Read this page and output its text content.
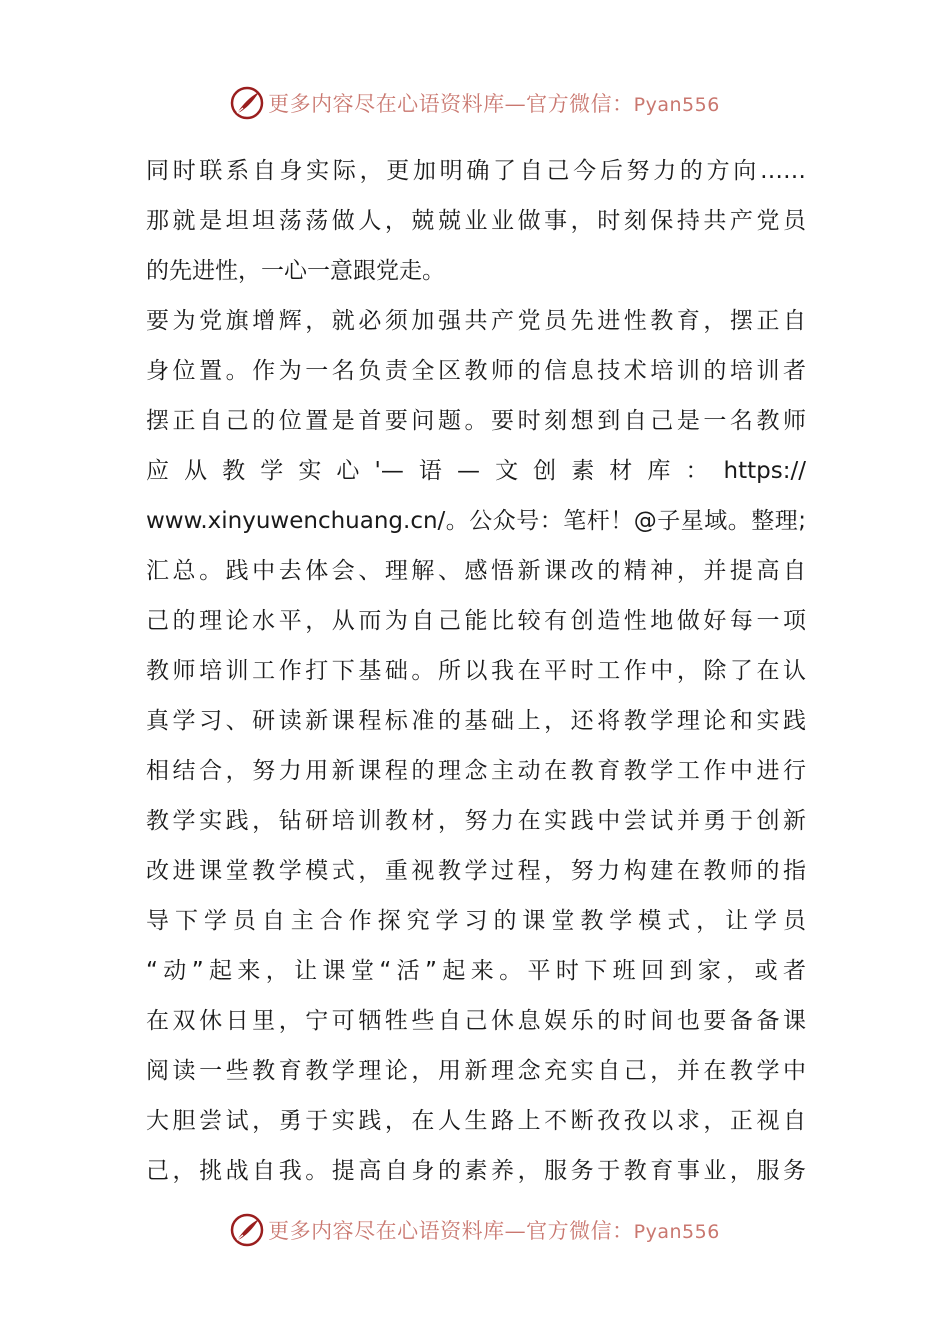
更多内容尽在心语资料库—官方微信：Pyan556
同时联系自身实际，更加明确了自己今后努力的方向……
那就是坦坦荡荡做人，兢兢业业做事，时刻保持共产党员
的先进性，一心一意跟党走。
要为党旗增辉，就必须加强共产党员先进性教育，摆正自
身位置。作为一名负责全区教师的信息技术培训的培训者
摆正自己的位置是首要问题。要时刻想到自己是一名教师
应从教学实心'—语—文创素材库：https://
www.xinyuwenchuang.cn/。公众号：笔杆！@子星域。整理;
汇总。践中去体会、理解、感悟新课改的精神，并提高自
己的理论水平，从而为自己能比较有创造性地做好每一项
教师培训工作打下基础。所以我在平时工作中，除了在认
真学习、研读新课程标准的基础上，还将教学理论和实践
相结合，努力用新课程的理念主动在教育教学工作中进行
教学实践，钻研培训教材，努力在实践中尝试并勇于创新
改进课堂教学模式，重视教学过程，努力构建在教师的指
导下学员自主合作探究学习的课堂教学模式，让学员
“动”起来，让课堂“活”起来。平时下班回到家，或者
在双休日里，宁可牺牲些自己休息娱乐的时间也要备备课
阅读一些教育教学理论，用新理念充实自己，并在教学中
大胆尝试，勇于实践，在人生路上不断孜孜以求，正视自
己，挑战自我。提高自身的素养，服务于教育事业，服务
更多内容尽在心语资料库—官方微信：Pyan556
